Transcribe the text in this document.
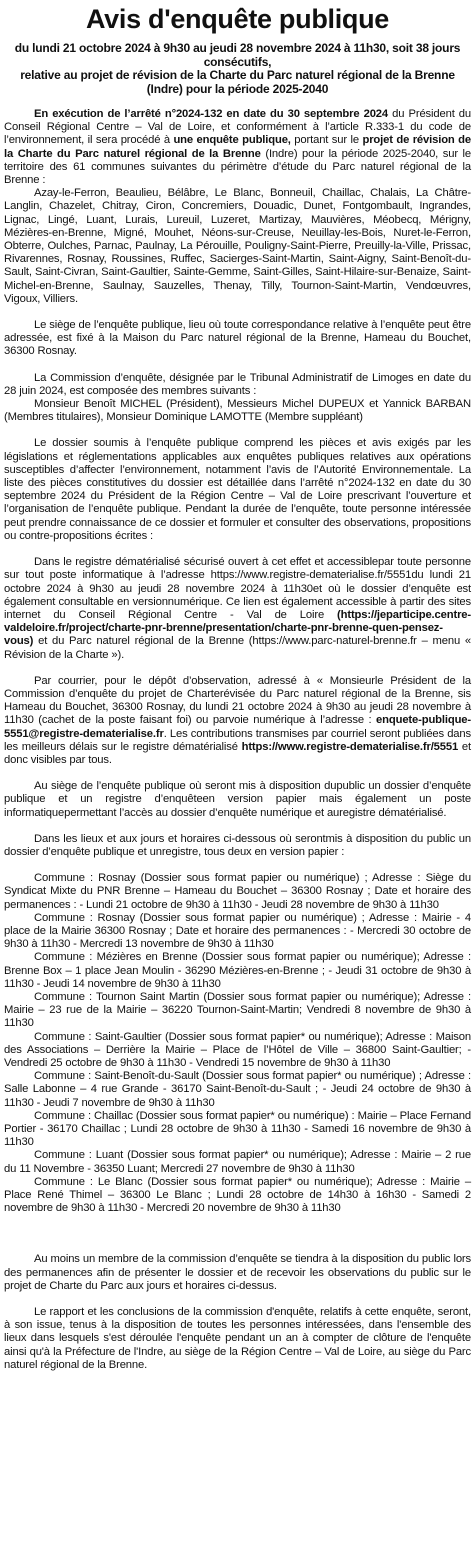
Avis d'enquête publique
du lundi 21 octobre 2024 à 9h30 au jeudi 28 novembre 2024 à 11h30, soit 38 jours consécutifs,
relative au projet de révision de la Charte du Parc naturel régional de la Brenne (Indre) pour la période 2025-2040

En exécution de l’arrêté n°2024-132 en date du 30 septembre 2024 du Président du Conseil Régional Centre – Val de Loire, et conformément à l’article R.333-1 du code de l’environnement, il sera procédé à une enquête publique, portant sur le projet de révision de la Charte du Parc naturel régional de la Brenne (Indre) pour la période 2025-2040, sur le territoire des 61 communes suivantes du périmètre d’étude du Parc naturel régional de la Brenne :

Azay-le-Ferron, Beaulieu, Bélâbre, Le Blanc, Bonneuil, Chaillac, Chalais, La Châtre-Langlin, Chazelet, Chitray, Ciron, Concremiers, Douadic, Dunet, Fontgombault, Ingrandes, Lignac, Lingé, Luant, Lurais, Lureuil, Luzeret, Martizay, Mauvières, Méobecq, Mérigny, Mézières-en-Brenne, Migné, Mouhet, Néons-sur-Creuse, Neuillay-les-Bois, Nuret-le-Ferron, Obterre, Oulches, Parnac, Paulnay, La Pérouille, Pouligny-Saint-Pierre, Preuilly-la-Ville, Prissac, Rivarennes, Rosnay, Roussines, Ruffec, Sacierges-Saint-Martin, Saint-Aigny, Saint-Benoît-du-Sault, Saint-Civran, Saint-Gaultier, Sainte-Gemme, Saint-Gilles, Saint-Hilaire-sur-Benaize, Saint-Michel-en-Brenne, Saulnay, Sauzelles, Thenay, Tilly, Tournon-Saint-Martin, Vendœuvres, Vigoux, Villiers.

Le siège de l’enquête publique, lieu où toute correspondance relative à l’enquête peut être adressée, est fixé à la Maison du Parc naturel régional de la Brenne, Hameau du Bouchet, 36300 Rosnay.

La Commission d’enquête, désignée par le Tribunal Administratif de Limoges en date du 28 juin 2024, est composée des membres suivants :

Monsieur Benoît MICHEL (Président), Messieurs Michel DUPEUX et Yannick BARBAN (Membres titulaires), Monsieur Dominique LAMOTTE (Membre suppléant)

Le dossier soumis à l’enquête publique comprend les pièces et avis exigés par les législations et réglementations applicables aux enquêtes publiques relatives aux opérations susceptibles d’affecter l’environnement, notamment l’avis de l’Autorité Environnementale. La liste des pièces constitutives du dossier est détaillée dans l’arrêté n°2024-132 en date du 30 septembre 2024 du Président de la Région Centre – Val de Loire prescrivant l’ouverture et l’organisation de l’enquête publique. Pendant la durée de l’enquête, toute personne intéressée peut prendre connaissance de ce dossier et formuler et consulter des observations, propositions ou contre-propositions écrites :

Dans le registre dématérialisé sécurisé ouvert à cet effet et accessiblepar toute personne sur tout poste informatique à l’adresse https://www.registre-dematerialise.fr/5551du lundi 21 octobre 2024 à 9h30 au jeudi 28 novembre 2024 à 11h30et où le dossier d’enquête est également consultable en versionnumérique. Ce lien est également accessible à partir des sites internet du Conseil Régional Centre - Val de Loire (https://jeparticipe.centre-valdeloire.fr/project/charte-pnr-brenne/presentation/charte-pnr-brenne-quen-pensez-vous) et du Parc naturel régional de la Brenne (https://www.parc-naturel-brenne.fr – menu « Révision de la Charte »).

Par courrier, pour le dépôt d’observation, adressé à « Monsieurle Président de la Commission d’enquête du projet de Charterévisée du Parc naturel régional de la Brenne, sis Hameau du Bouchet, 36300 Rosnay, du lundi 21 octobre 2024 à 9h30 au jeudi 28 novembre à 11h30 (cachet de la poste faisant foi) ou parvoie numérique à l’adresse : enquete-publique-5551@registre-dematerialise.fr. Les contributions transmises par courriel seront publiées dans les meilleurs délais sur le registre dématérialisé https://www.registre-dematerialise.fr/5551 et donc visibles par tous.

Au siège de l’enquête publique où seront mis à disposition dupublic un dossier d’enquête publique et un registre d’enquêteen version papier mais également un poste informatiquepermettant l’accès au dossier d’enquête numérique et auregistre dématérialisé.

Dans les lieux et aux jours et horaires ci-dessous où serontmis à disposition du public un dossier d’enquête publique et unregistre, tous deux en version papier :

Commune : Rosnay (Dossier sous format papier ou numérique) ; Adresse : Siège du Syndicat Mixte du PNR Brenne – Hameau du Bouchet – 36300 Rosnay ; Date et horaire des permanences : - Lundi 21 octobre de 9h30 à 11h30 - Jeudi 28 novembre de 9h30 à 11h30

Commune : Rosnay (Dossier sous format papier ou numérique) ; Adresse : Mairie - 4 place de la Mairie 36300 Rosnay ; Date et horaire des permanences : - Mercredi 30 octobre de 9h30 à 11h30 - Mercredi 13 novembre de 9h30 à 11h30

Commune : Mézières en Brenne (Dossier sous format papier ou numérique); Adresse : Brenne Box – 1 place Jean Moulin - 36290 Mézières-en-Brenne ; - Jeudi 31 octobre de 9h30 à 11h30 - Jeudi 14 novembre de 9h30 à 11h30

Commune : Tournon Saint Martin (Dossier sous format papier ou numérique); Adresse : Mairie – 23 rue de la Mairie – 36220 Tournon-Saint-Martin; Vendredi 8 novembre de 9h30 à 11h30

Commune : Saint-Gaultier (Dossier sous format papier* ou numérique); Adresse : Maison des Associations – Derrière la Mairie – Place de l’Hôtel de Ville – 36800 Saint-Gaultier; - Vendredi 25 octobre de 9h30 à 11h30 - Vendredi 15 novembre de 9h30 à 11h30

Commune : Saint-Benoît-du-Sault (Dossier sous format papier* ou numérique) ; Adresse : Salle Labonne – 4 rue Grande - 36170 Saint-Benoît-du-Sault ; - Jeudi 24 octobre de 9h30 à 11h30 - Jeudi 7 novembre de 9h30 à 11h30

Commune : Chaillac (Dossier sous format papier* ou numérique) : Mairie – Place Fernand Portier - 36170 Chaillac ; Lundi 28 octobre de 9h30 à 11h30 - Samedi 16 novembre de 9h30 à 11h30

Commune : Luant (Dossier sous format papier* ou numérique); Adresse : Mairie – 2 rue du 11 Novembre - 36350 Luant; Mercredi 27 novembre de 9h30 à 11h30

Commune : Le Blanc (Dossier sous format papier* ou numérique); Adresse : Mairie – Place René Thimel – 36300 Le Blanc ; Lundi 28 octobre de 14h30 à 16h30 - Samedi 2 novembre de 9h30 à 11h30 - Mercredi 20 novembre de 9h30 à 11h30

Au moins un membre de la commission d’enquête se tiendra à la disposition du public lors des permanences afin de présenter le dossier et de recevoir les observations du public sur le projet de Charte du Parc aux jours et horaires ci-dessus.

Le rapport et les conclusions de la commission d'enquête, relatifs à cette enquête, seront, à son issue, tenus à la disposition de toutes les personnes intéressées, dans l'ensemble des lieux dans lesquels s'est déroulée l'enquête pendant un an à compter de clôture de l'enquête ainsi qu'à la Préfecture de l'Indre, au siège de la Région Centre – Val de Loire, au siège du Parc naturel régional de la Brenne.
